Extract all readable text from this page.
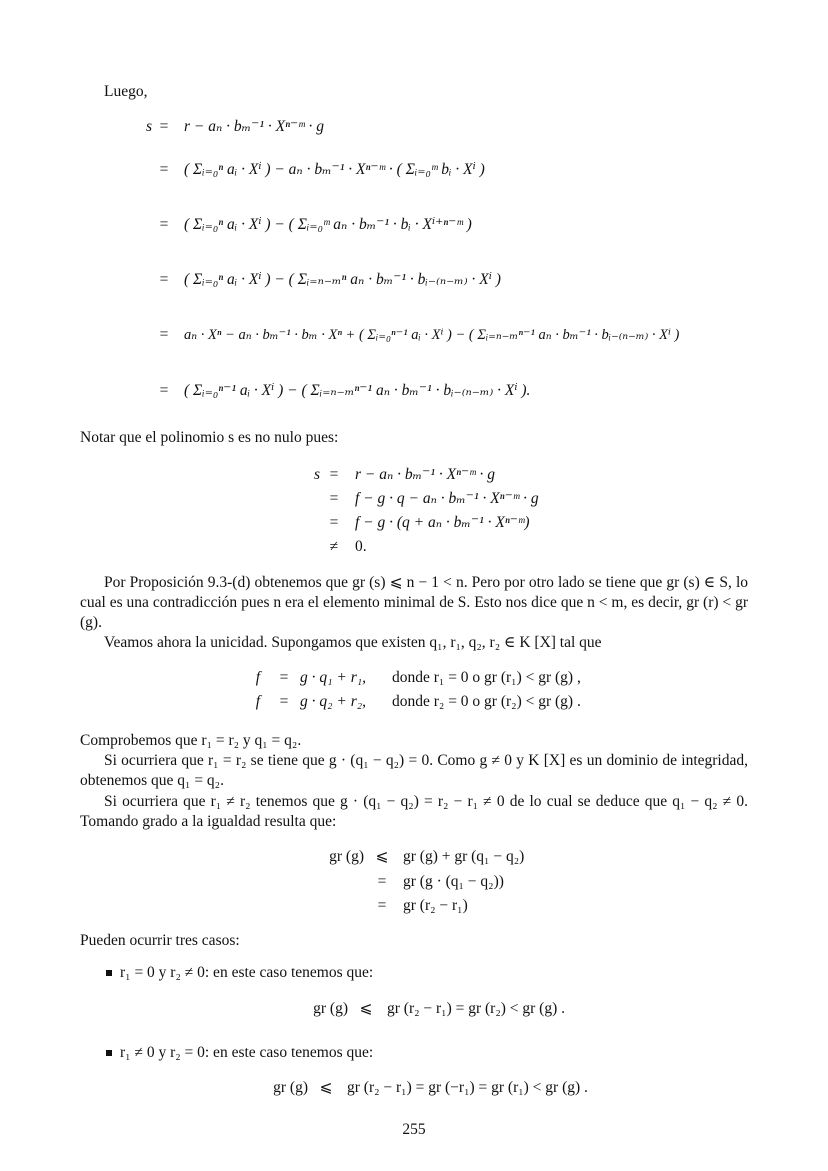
Luego,
s =	r − aₙ · bₘ⁻¹ · Xⁿ⁻ᵐ · g
=	( Σᵢ₌₀ⁿ aᵢ · Xⁱ ) − aₙ · bₘ⁻¹ · Xⁿ⁻ᵐ · ( Σᵢ₌₀ᵐ bᵢ · Xⁱ )
=	( Σᵢ₌₀ⁿ aᵢ · Xⁱ ) − ( Σᵢ₌₀ᵐ aₙ · bₘ⁻¹ · bᵢ · Xⁱ⁺ⁿ⁻ᵐ )
=	( Σᵢ₌₀ⁿ aᵢ · Xⁱ ) − ( Σᵢ₌ₙ₋ₘⁿ aₙ · bₘ⁻¹ · bᵢ₋₍ₙ₋ₘ₎ · Xⁱ )
=	aₙ · Xⁿ − aₙ · bₘ⁻¹ · bₘ · Xⁿ + ( Σᵢ₌₀ⁿ⁻¹ aᵢ · Xⁱ ) − ( Σᵢ₌ₙ₋ₘⁿ⁻¹ aₙ · bₘ⁻¹ · bᵢ₋₍ₙ₋ₘ₎ · Xⁱ )
=	( Σᵢ₌₀ⁿ⁻¹ aᵢ · Xⁱ ) − ( Σᵢ₌ₙ₋ₘⁿ⁻¹ aₙ · bₘ⁻¹ · bᵢ₋₍ₙ₋ₘ₎ · Xⁱ ).
Notar que el polinomio s es no nulo pues:
s =	r − aₙ · bₘ⁻¹ · Xⁿ⁻ᵐ · g
=	f − g · q − aₙ · bₘ⁻¹ · Xⁿ⁻ᵐ · g
=	f − g · (q + aₙ · bₘ⁻¹ · Xⁿ⁻ᵐ)
≠	0.
Por Proposición 9.3-(d) obtenemos que gr (s) ⩽ n − 1 < n. Pero por otro lado se tiene que gr (s) ∈ S, lo cual es una contradicción pues n era el elemento minimal de S. Esto nos dice que n < m, es decir, gr (r) < gr (g).
Veamos ahora la unicidad. Supongamos que existen q₁, r₁, q₂, r₂ ∈ K [X] tal que
f	= g · q₁ + r₁, donde r₁ = 0 o gr (r₁) < gr (g) ,
f	= g · q₂ + r₂, donde r₂ = 0 o gr (r₂) < gr (g) .
Comprobemos que r₁ = r₂ y q₁ = q₂.
Si ocurriera que r₁ = r₂ se tiene que g · (q₁ − q₂) = 0. Como g ≠ 0 y K [X] es un dominio de integridad, obtenemos que q₁ = q₂.
Si ocurriera que r₁ ≠ r₂ tenemos que g · (q₁ − q₂) = r₂ − r₁ ≠ 0 de lo cual se deduce que q₁ − q₂ ≠ 0. Tomando grado a la igualdad resulta que:
gr (g) ⩽ gr (g) + gr (q₁ − q₂)
=	gr (g · (q₁ − q₂))
=	gr (r₂ − r₁)
Pueden ocurrir tres casos:
r₁ = 0 y r₂ ≠ 0: en este caso tenemos que:
gr (g) ⩽ gr (r₂ − r₁) = gr (r₂) < gr (g) .
r₁ ≠ 0 y r₂ = 0: en este caso tenemos que:
gr (g) ⩽ gr (r₂ − r₁) = gr (−r₁) = gr (r₁) < gr (g) .
255
